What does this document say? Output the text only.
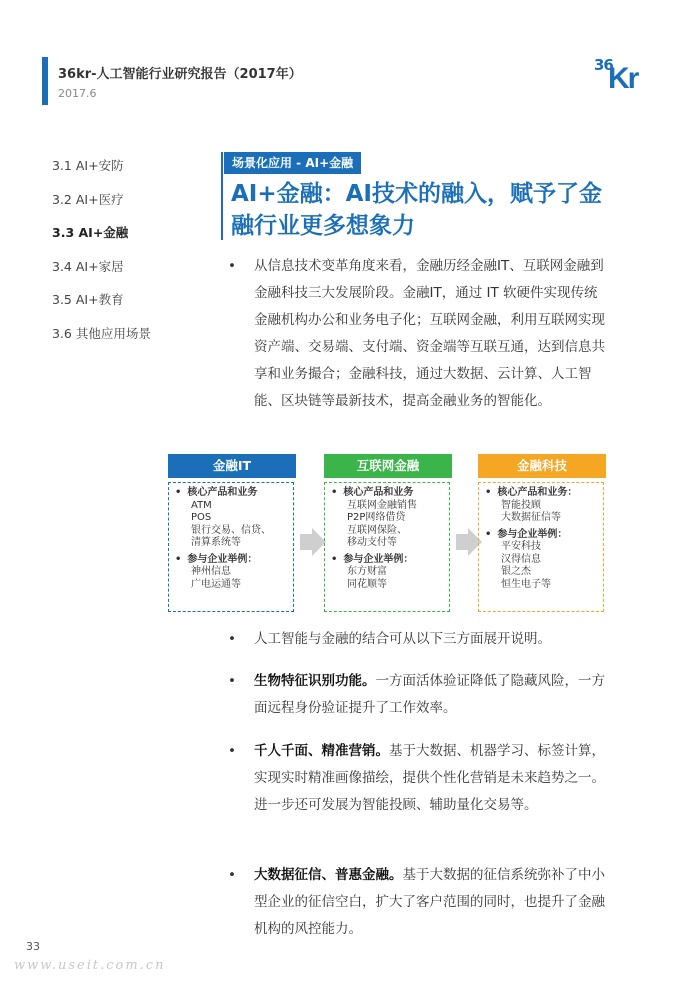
36kr-人工智能行业研究报告（2017年）
2017.6
36
Kr
3.1 AI+安防
3.2 AI+医疗
3.3 AI+金融
3.4 AI+家居
3.5 AI+教育
3.6 其他应用场景
场景化应用 - AI+金融
AI+金融：AI技术的融入，赋予了金融行业更多想象力
• 从信息技术变革角度来看，金融历经金融IT、互联网金融到金融科技三大发展阶段。金融IT，通过 IT 软硬件实现传统金融机构办公和业务电子化；互联网金融，利用互联网实现资产端、交易端、支付端、资金端等互联互通，达到信息共享和业务撮合；金融科技，通过大数据、云计算、人工智能、区块链等最新技术，提高金融业务的智能化。
金融IT
• 核心产品和业务
ATM
POS
银行交易、信贷、
清算系统等
• 参与企业举例：
神州信息
广电运通等
互联网金融
• 核心产品和业务
互联网金融销售
P2P网络借贷
互联网保险、
移动支付等
• 参与企业举例：
东方财富
同花顺等
金融科技
• 核心产品和业务：
智能投顾
大数据征信等
• 参与企业举例：
平安科技
汉得信息
银之杰
恒生电子等
• 人工智能与金融的结合可从以下三方面展开说明。
• 生物特征识别功能。一方面活体验证降低了隐藏风险，一方面远程身份验证提升了工作效率。
• 千人千面、精准营销。基于大数据、机器学习、标签计算，实现实时精准画像描绘，提供个性化营销是未来趋势之一。进一步还可发展为智能投顾、辅助量化交易等。
• 大数据征信、普惠金融。基于大数据的征信系统弥补了中小型企业的征信空白，扩大了客户范围的同时，也提升了金融机构的风控能力。
33
www.useit.com.cn
